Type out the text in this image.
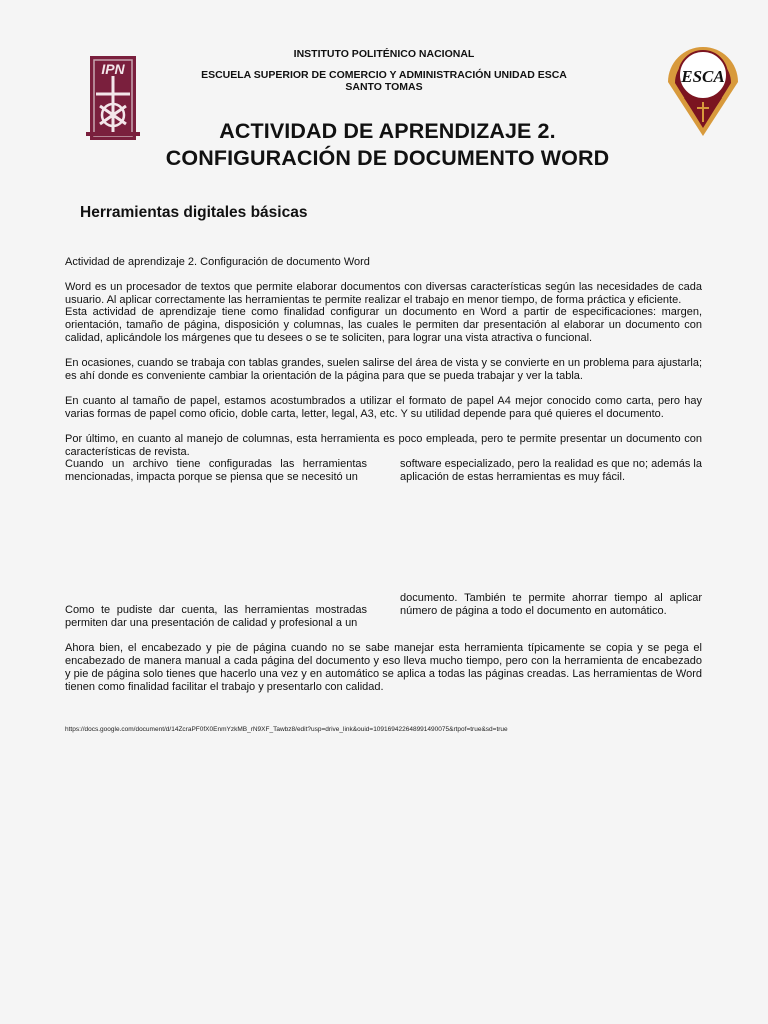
IPN	ESCA
INSTITUTO POLITÉNICO NACIONAL
ESCUELA SUPERIOR DE COMERCIO Y ADMINISTRACIÓN UNIDAD ESCA
SANTO TOMAS
ACTIVIDAD DE APRENDIZAJE 2.
CONFIGURACIÓN DE DOCUMENTO WORD
Herramientas digitales básicas
Actividad de aprendizaje 2. Configuración de documento Word
Word es un procesador de textos que permite elaborar documentos con diversas características según las necesidades de cada usuario. Al aplicar correctamente las herramientas te permite realizar el trabajo en menor tiempo, de forma práctica y eficiente.
Esta actividad de aprendizaje tiene como finalidad configurar un documento en Word a partir de especificaciones: margen, orientación, tamaño de página, disposición y columnas, las cuales le permiten dar presentación al elaborar un documento con calidad, aplicándole los márgenes que tu desees o se te soliciten, para lograr una vista atractiva o funcional.
En ocasiones, cuando se trabaja con tablas grandes, suelen salirse del área de vista y se convierte en un problema para ajustarla; es ahí donde es conveniente cambiar la orientación de la página para que se pueda trabajar y ver la tabla.
En cuanto al tamaño de papel, estamos acostumbrados a utilizar el formato de papel A4 mejor conocido como carta, pero hay varias formas de papel como oficio, doble carta, letter, legal, A3, etc. Y su utilidad depende para qué quieres el documento.
Por último, en cuanto al manejo de columnas, esta herramienta es poco empleada, pero te permite presentar un documento con características de revista.
Cuando un archivo tiene configuradas las herramientas mencionadas, impacta porque se piensa que se necesitó un
software especializado, pero la realidad es que no; además la aplicación de estas herramientas es muy fácil.
documento. También te permite ahorrar tiempo al aplicar número de página a todo el documento en automático.
Como te pudiste dar cuenta, las herramientas mostradas permiten dar una presentación de calidad y profesional a un
Ahora bien, el encabezado y pie de página cuando no se sabe manejar esta herramienta típicamente se copia y se pega el encabezado de manera manual a cada página del documento y eso lleva mucho tiempo, pero con la herramienta de encabezado y pie de página solo tienes que hacerlo una vez y en automático se aplica a todas las páginas creadas. Las herramientas de Word tienen como finalidad facilitar el trabajo y presentarlo con calidad.
https://docs.google.com/document/d/14ZcraPF0fX0EnmYzkMB_rN9XF_Tawbz8/edit?usp=drive_link&ouid=109169422648991490075&rtpof=true&sd=true
